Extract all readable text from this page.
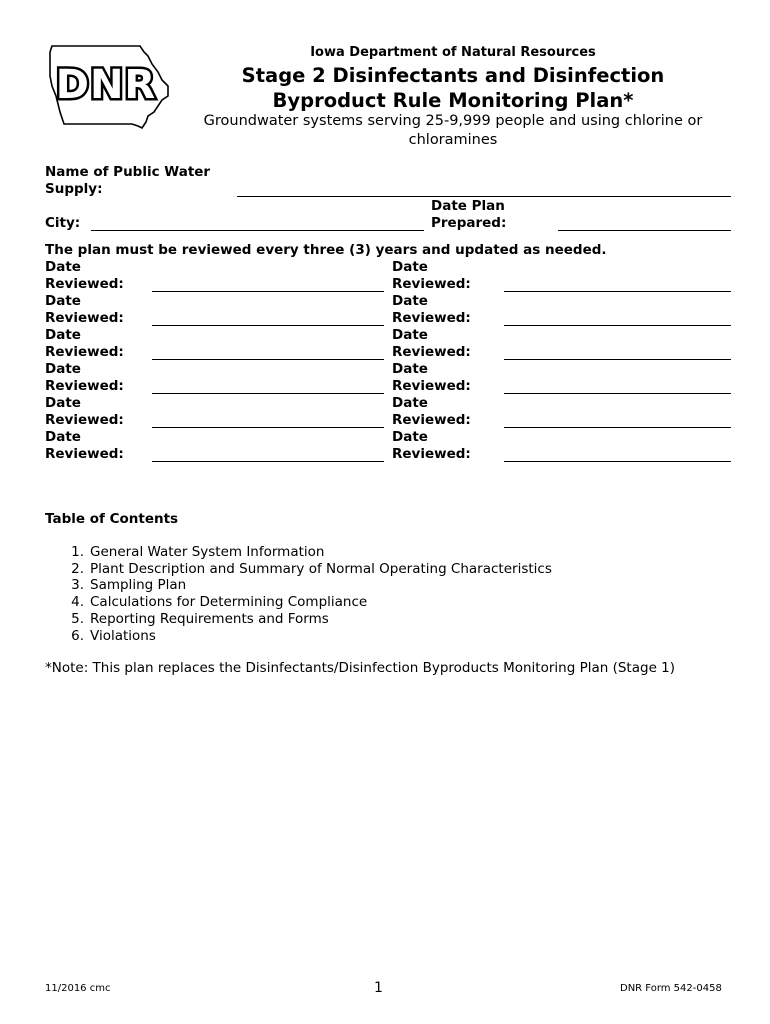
DNR
Iowa Department of Natural Resources
Stage 2 Disinfectants and Disinfection
Byproduct Rule Monitoring Plan*
Groundwater systems serving 25-9,999 people and using chlorine or
chloramines
Name of Public Water
Supply:
City:
Date Plan
Prepared:
The plan must be reviewed every three (3) years and updated as needed.
Date
Reviewed:
Date
Reviewed:
Date
Reviewed:
Date
Reviewed:
Date
Reviewed:
Date
Reviewed:
Date
Reviewed:
Date
Reviewed:
Date
Reviewed:
Date
Reviewed:
Date
Reviewed:
Date
Reviewed:
Table of Contents
1. General Water System Information
2. Plant Description and Summary of Normal Operating Characteristics
3. Sampling Plan
4. Calculations for Determining Compliance
5. Reporting Requirements and Forms
6. Violations
*Note: This plan replaces the Disinfectants/Disinfection Byproducts Monitoring Plan (Stage 1)
11/2016 cmc	1	DNR Form 542-0458
